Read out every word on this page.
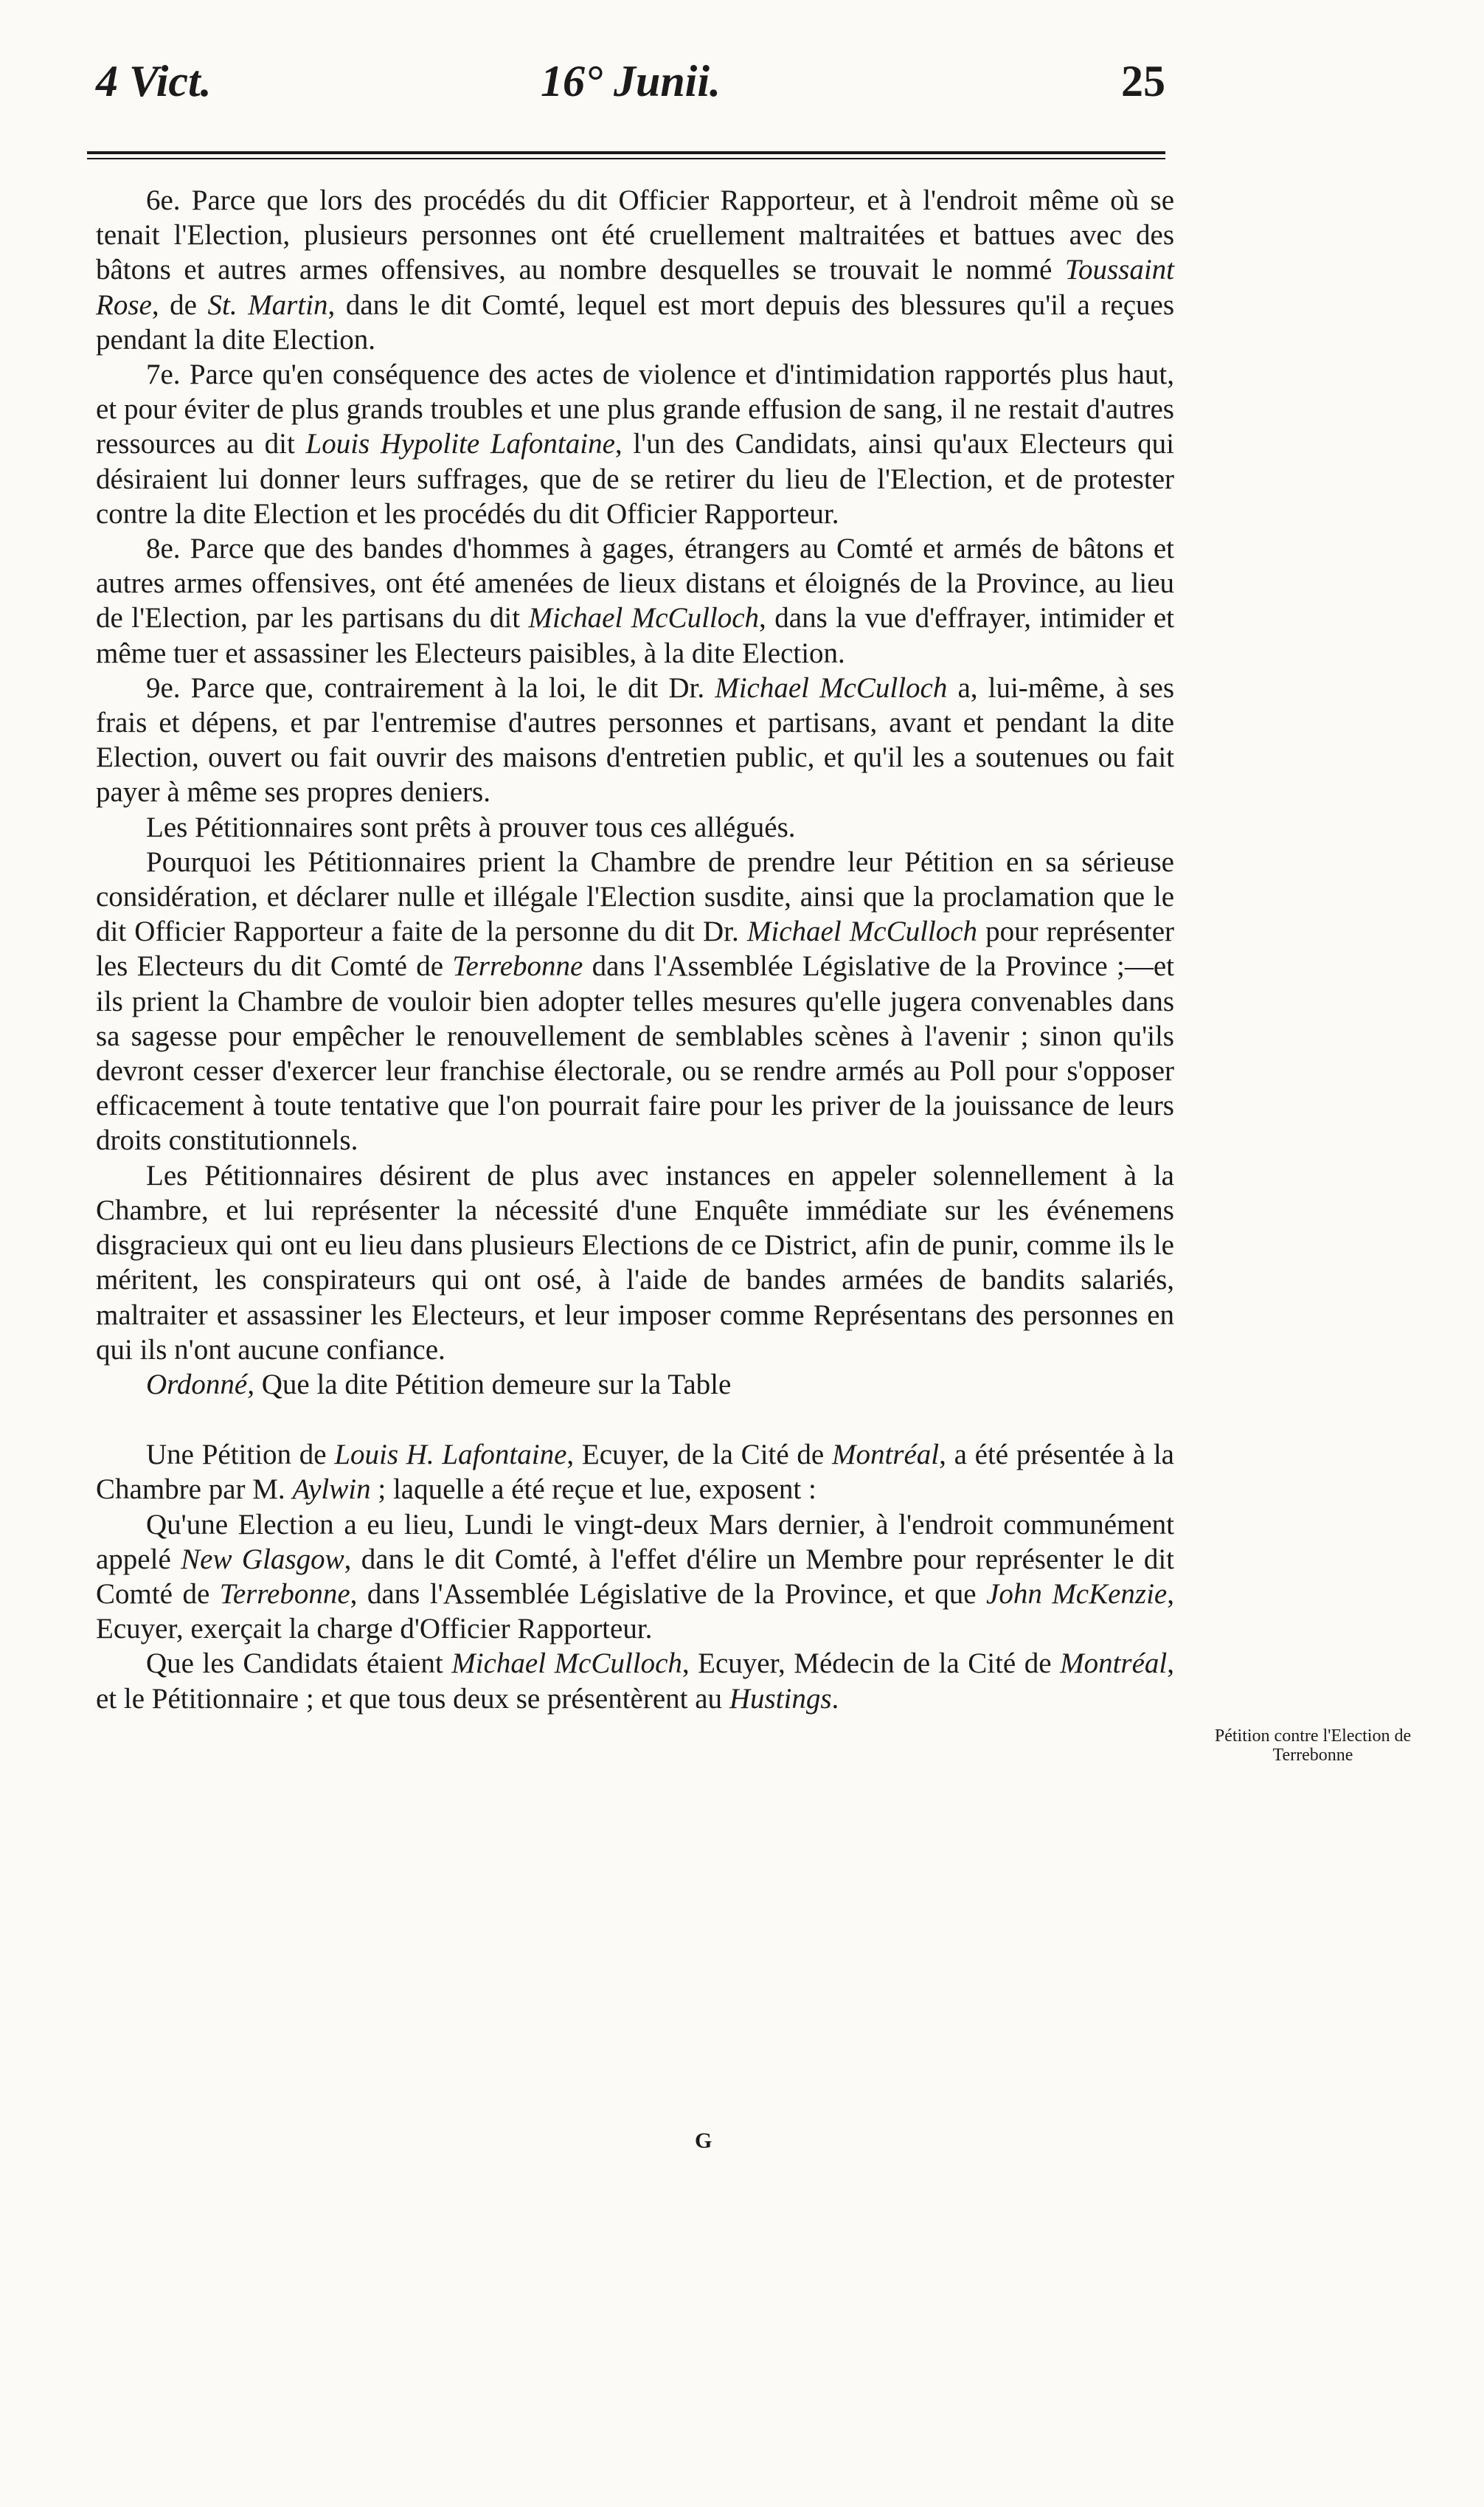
4 Vict.	16° Junii.	25

6e. Parce que lors des procédés du dit Officier Rapporteur, et à l'endroit même où se tenait l'Election, plusieurs personnes ont été cruellement maltraitées et battues avec des bâtons et autres armes offensives, au nombre desquelles se trouvait le nommé Toussaint Rose, de St. Martin, dans le dit Comté, lequel est mort depuis des blessures qu'il a reçues pendant la dite Election.

7e. Parce qu'en conséquence des actes de violence et d'intimidation rapportés plus haut, et pour éviter de plus grands troubles et une plus grande effusion de sang, il ne restait d'autres ressources au dit Louis Hypolite Lafontaine, l'un des Candidats, ainsi qu'aux Electeurs qui désiraient lui donner leurs suffrages, que de se retirer du lieu de l'Election, et de protester contre la dite Election et les procédés du dit Officier Rapporteur.

8e. Parce que des bandes d'hommes à gages, étrangers au Comté et armés de bâtons et autres armes offensives, ont été amenées de lieux distans et éloignés de la Province, au lieu de l'Election, par les partisans du dit Michael McCulloch, dans la vue d'effrayer, intimider et même tuer et assassiner les Electeurs paisibles, à la dite Election.

9e. Parce que, contrairement à la loi, le dit Dr. Michael McCulloch a, lui-même, à ses frais et dépens, et par l'entremise d'autres personnes et partisans, avant et pendant la dite Election, ouvert ou fait ouvrir des maisons d'entretien public, et qu'il les a soutenues ou fait payer à même ses propres deniers.

Les Pétitionnaires sont prêts à prouver tous ces allégués.

Pourquoi les Pétitionnaires prient la Chambre de prendre leur Pétition en sa sérieuse considération, et déclarer nulle et illégale l'Election susdite, ainsi que la proclamation que le dit Officier Rapporteur a faite de la personne du dit Dr. Michael McCulloch pour représenter les Electeurs du dit Comté de Terrebonne dans l'Assemblée Législative de la Province ;—et ils prient la Chambre de vouloir bien adopter telles mesures qu'elle jugera convenables dans sa sagesse pour empêcher le renouvellement de semblables scènes à l'avenir ; sinon qu'ils devront cesser d'exercer leur franchise électorale, ou se rendre armés au Poll pour s'opposer efficacement à toute tentative que l'on pourrait faire pour les priver de la jouissance de leurs droits constitutionnels.

Les Pétitionnaires désirent de plus avec instances en appeler solennellement à la Chambre, et lui représenter la nécessité d'une Enquête immédiate sur les événemens disgracieux qui ont eu lieu dans plusieurs Elections de ce District, afin de punir, comme ils le méritent, les conspirateurs qui ont osé, à l'aide de bandes armées de bandits salariés, maltraiter et assassiner les Electeurs, et leur imposer comme Représentans des personnes en qui ils n'ont aucune confiance.

Ordonné, Que la dite Pétition demeure sur la Table

Une Pétition de Louis H. Lafontaine, Ecuyer, de la Cité de Montréal, a été présentée à la Chambre par M. Aylwin ; laquelle a été reçue et lue, exposent :

Qu'une Election a eu lieu, Lundi le vingt-deux Mars dernier, à l'endroit communément appelé New Glasgow, dans le dit Comté, à l'effet d'élire un Membre pour représenter le dit Comté de Terrebonne, dans l'Assemblée Législative de la Province, et que John McKenzie, Ecuyer, exerçait la charge d'Officier Rapporteur.

Que les Candidats étaient Michael McCulloch, Ecuyer, Médecin de la Cité de Montréal, et le Pétitionnaire ; et que tous deux se présentèrent au Hustings.

Pétition contre l'Election de Terrebonne
G
